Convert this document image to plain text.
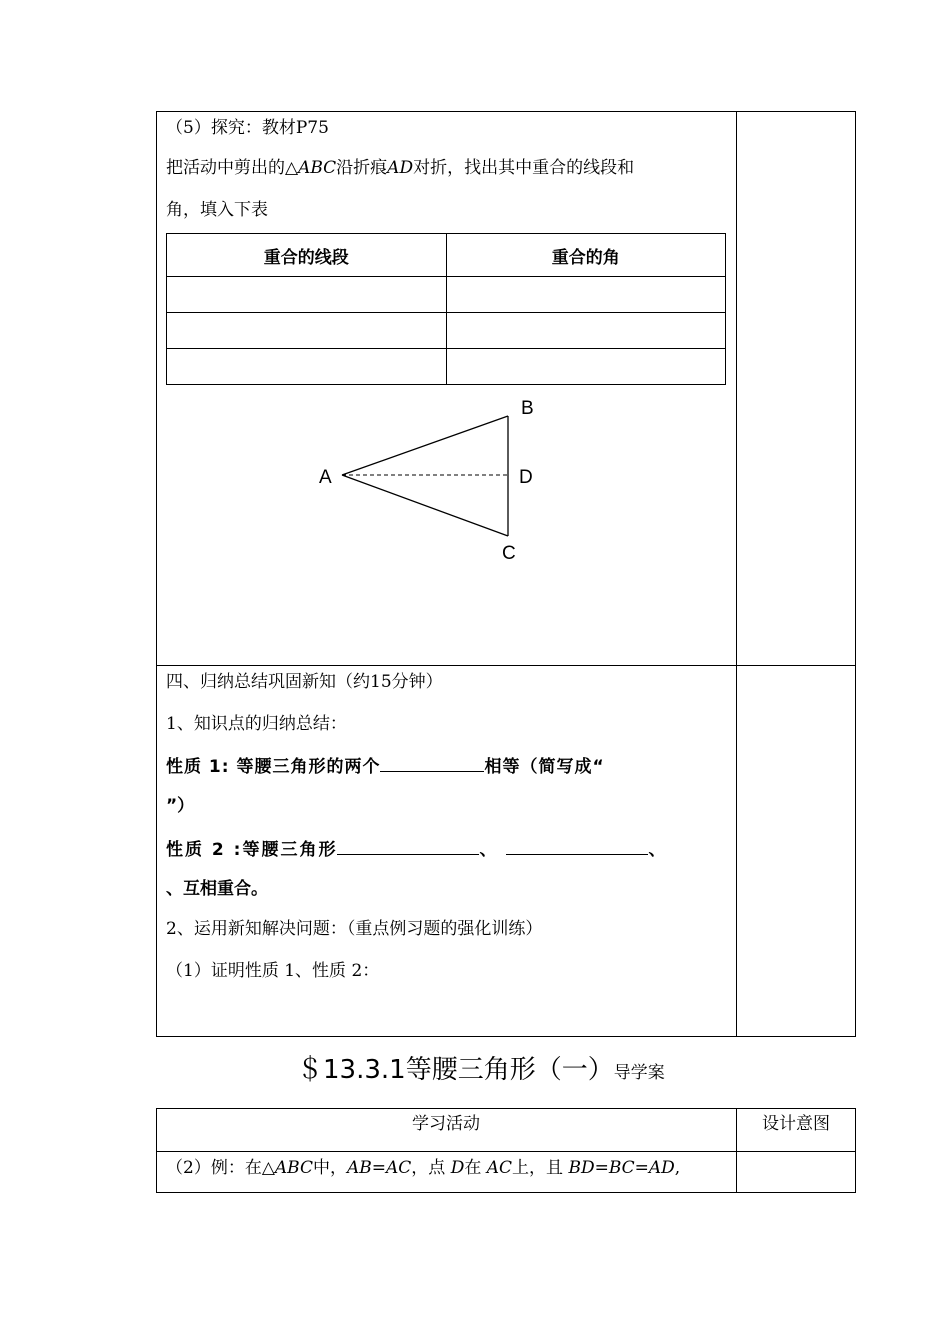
（5）探究：教材P75
把活动中剪出的△ABC沿折痕AD对折，找出其中重合的线段和
角，填入下表
重合的线段	重合的角

A
B
C
D
四、归纳总结巩固新知（约15分钟）
1、知识点的归纳总结：
性质 1: 等腰三角形的两个	相等（简写成“
”）
性质 2 :等腰三角形	、	、
、互相重合。
2、运用新知解决问题：（重点例习题的强化训练）
（1）证明性质 1、性质 2：
＄13.3.1等腰三角形（一）导学案
学习活动	设计意图
（2）例：在△ABC中，AB=AC，点 D在 AC上，且 BD=BC=AD,
